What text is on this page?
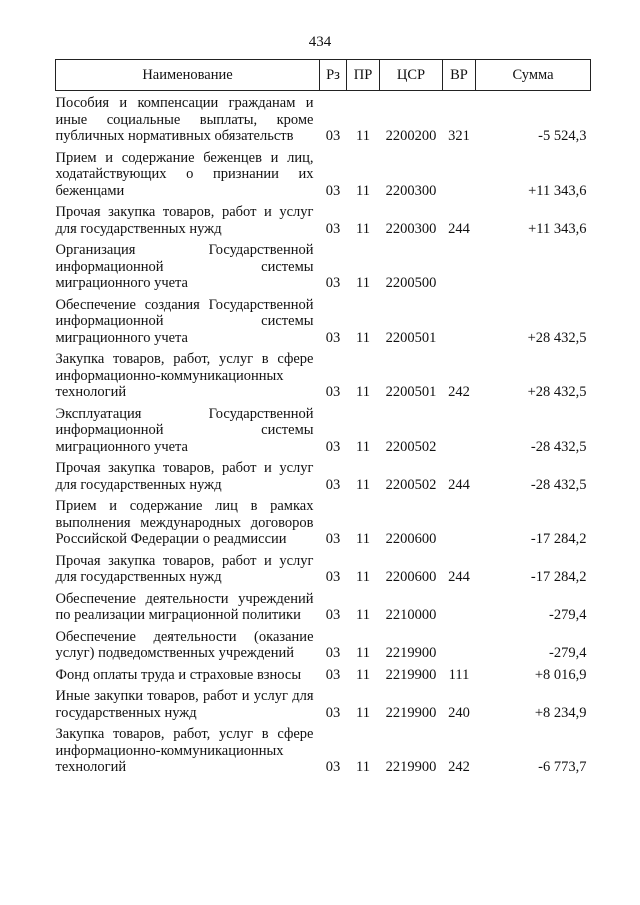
434
Наименование	Рз	ПР	ЦСР	ВР	Сумма
Пособия и компенсации гражданам и иные социальные выплаты, кроме публичных нормативных обязательств	03	11	2200200	321	-5 524,3
Прием и содержание беженцев и лиц, ходатайствующих о признании их беженцами	03	11	2200300		+11 343,6
Прочая закупка товаров, работ и услуг для государственных нужд	03	11	2200300	244	+11 343,6
Организация Государственной информационной системы миграционного учета	03	11	2200500		
Обеспечение создания Государственной информационной системы миграционного учета	03	11	2200501		+28 432,5
Закупка товаров, работ, услуг в сфере информационно-коммуникационных технологий	03	11	2200501	242	+28 432,5
Эксплуатация Государственной информационной системы миграционного учета	03	11	2200502		-28 432,5
Прочая закупка товаров, работ и услуг для государственных нужд	03	11	2200502	244	-28 432,5
Прием и содержание лиц в рамках выполнения международных договоров Российской Федерации о реадмиссии	03	11	2200600		-17 284,2
Прочая закупка товаров, работ и услуг для государственных нужд	03	11	2200600	244	-17 284,2
Обеспечение деятельности учреждений по реализации миграционной политики	03	11	2210000		-279,4
Обеспечение деятельности (оказание услуг) подведомственных учреждений	03	11	2219900		-279,4
Фонд оплаты труда и страховые взносы	03	11	2219900	111	+8 016,9
Иные закупки товаров, работ и услуг для государственных нужд	03	11	2219900	240	+8 234,9
Закупка товаров, работ, услуг в сфере информационно-коммуникационных технологий	03	11	2219900	242	-6 773,7
